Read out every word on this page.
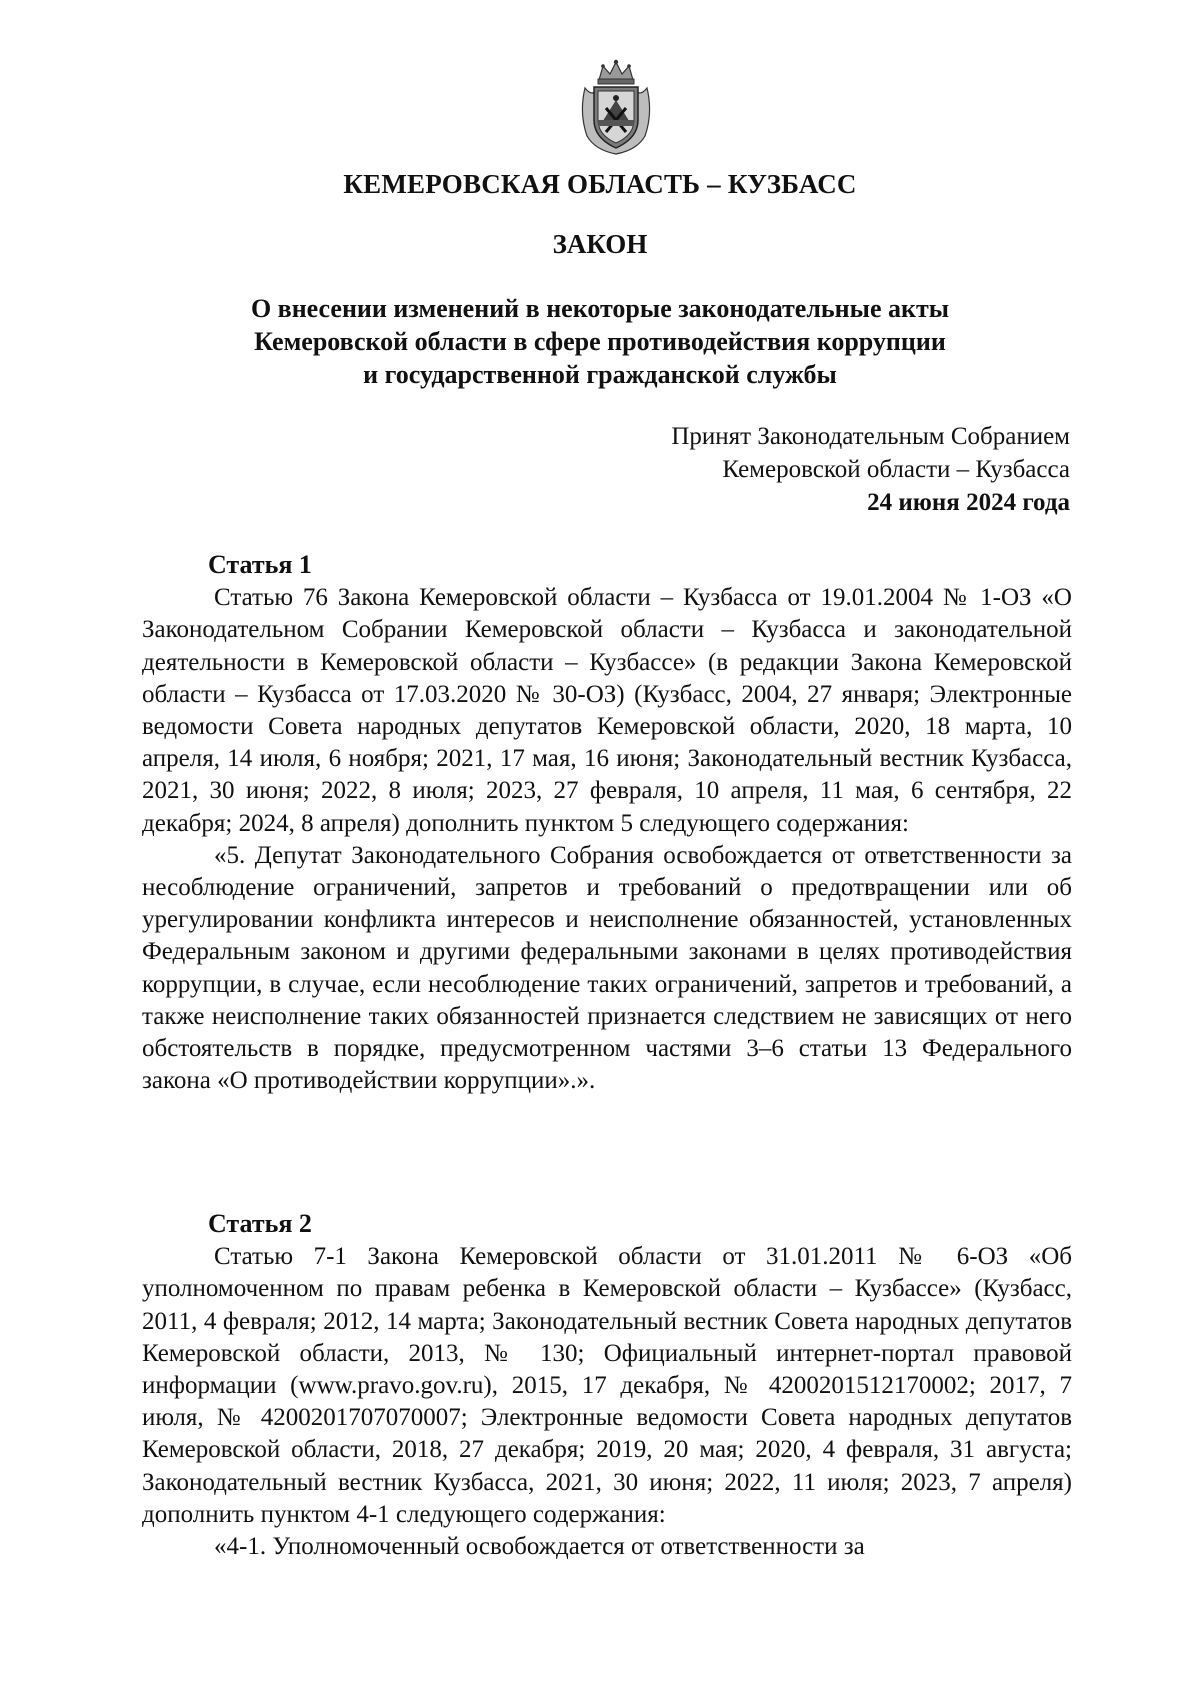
КЕМЕРОВСКАЯ ОБЛАСТЬ – КУЗБАСС
ЗАКОН
О внесении изменений в некоторые законодательные акты
Кемеровской области в сфере противодействия коррупции
и государственной гражданской службы
Принят Законодательным Собранием
Кемеровской области – Кузбасса
24 июня 2024 года
Статья 1

Статью 76 Закона Кемеровской области – Кузбасса от 19.01.2004 № 1-ОЗ «О Законодательном Собрании Кемеровской области – Кузбасса и законодательной деятельности в Кемеровской области – Кузбассе» (в редакции Закона Кемеровской области – Кузбасса от 17.03.2020 № 30-ОЗ) (Кузбасс, 2004, 27 января; Электронные ведомости Совета народных депутатов Кемеровской области, 2020, 18 марта, 10 апреля, 14 июля, 6 ноября; 2021, 17 мая, 16 июня; Законодательный вестник Кузбасса, 2021, 30 июня; 2022, 8 июля; 2023, 27 февраля, 10 апреля, 11 мая, 6 сентября, 22 декабря; 2024, 8 апреля) дополнить пунктом 5 следующего содержания:

«5. Депутат Законодательного Собрания освобождается от ответственности за несоблюдение ограничений, запретов и требований о предотвращении или об урегулировании конфликта интересов и неисполнение обязанностей, установленных Федеральным законом и другими федеральными законами в целях противодействия коррупции, в случае, если несоблюдение таких ограничений, запретов и требований, а также неисполнение таких обязанностей признается следствием не зависящих от него обстоятельств в порядке, предусмотренном частями 3–6 статьи 13 Федерального закона «О противодействии коррупции».».

Статья 2

Статью 7-1 Закона Кемеровской области от 31.01.2011 № 6-ОЗ «Об уполномоченном по правам ребенка в Кемеровской области – Кузбассе» (Кузбасс, 2011, 4 февраля; 2012, 14 марта; Законодательный вестник Совета народных депутатов Кемеровской области, 2013, № 130; Официальный интернет-портал правовой информации (www.pravo.gov.ru), 2015, 17 декабря, № 4200201512170002; 2017, 7 июля, № 4200201707070007; Электронные ведомости Совета народных депутатов Кемеровской области, 2018, 27 декабря; 2019, 20 мая; 2020, 4 февраля, 31 августа; Законодательный вестник Кузбасса, 2021, 30 июня; 2022, 11 июля; 2023, 7 апреля) дополнить пунктом 4-1 следующего содержания:

«4-1. Уполномоченный освобождается от ответственности за
